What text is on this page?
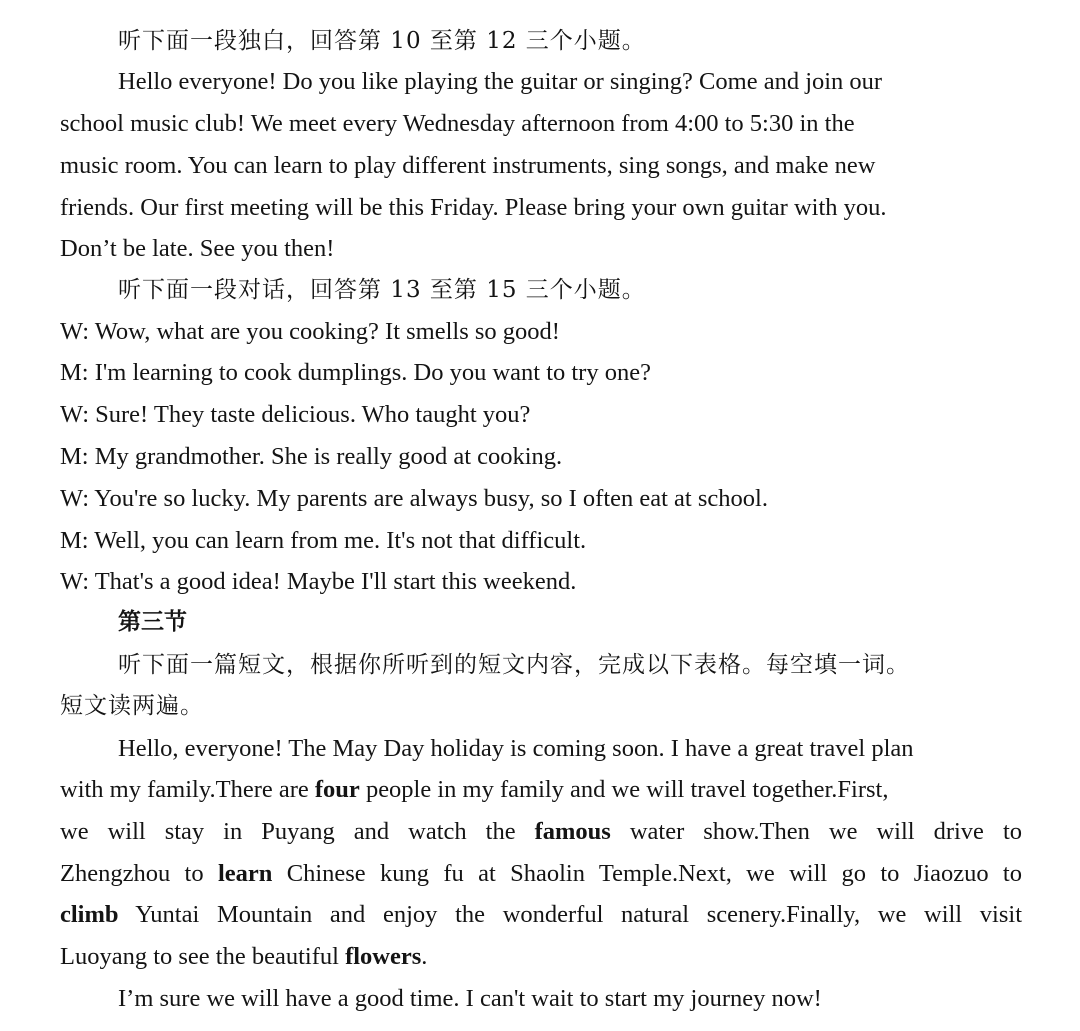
听下面一段独白，回答第 10 至第 12 三个小题。
Hello everyone! Do you like playing the guitar or singing? Come and join our
school music club! We meet every Wednesday afternoon from 4:00 to 5:30 in the
music room. You can learn to play different instruments, sing songs, and make new
friends. Our first meeting will be this Friday. Please bring your own guitar with you.
Don’t be late. See you then!
听下面一段对话，回答第 13 至第 15 三个小题。
W: Wow, what are you cooking? It smells so good!
M: I'm learning to cook dumplings. Do you want to try one?
W: Sure! They taste delicious. Who taught you?
M: My grandmother. She is really good at cooking.
W: You're so lucky. My parents are always busy, so I often eat at school.
M: Well, you can learn from me. It's not that difficult.
W: That's a good idea! Maybe I'll start this weekend.
第三节
听下面一篇短文，根据你所听到的短文内容，完成以下表格。每空填一词。
短文读两遍。
Hello, everyone! The May Day holiday is coming soon. I have a great travel plan
with my family.There are four people in my family and we will travel together.First,
we will stay in Puyang and watch the famous water show.Then we will drive to
Zhengzhou to learn Chinese kung fu at Shaolin Temple.Next, we will go to Jiaozuo to
climb Yuntai Mountain and enjoy the wonderful natural scenery.Finally, we will visit
Luoyang to see the beautiful flowers.
I’m sure we will have a good time. I can't wait to start my journey now!
